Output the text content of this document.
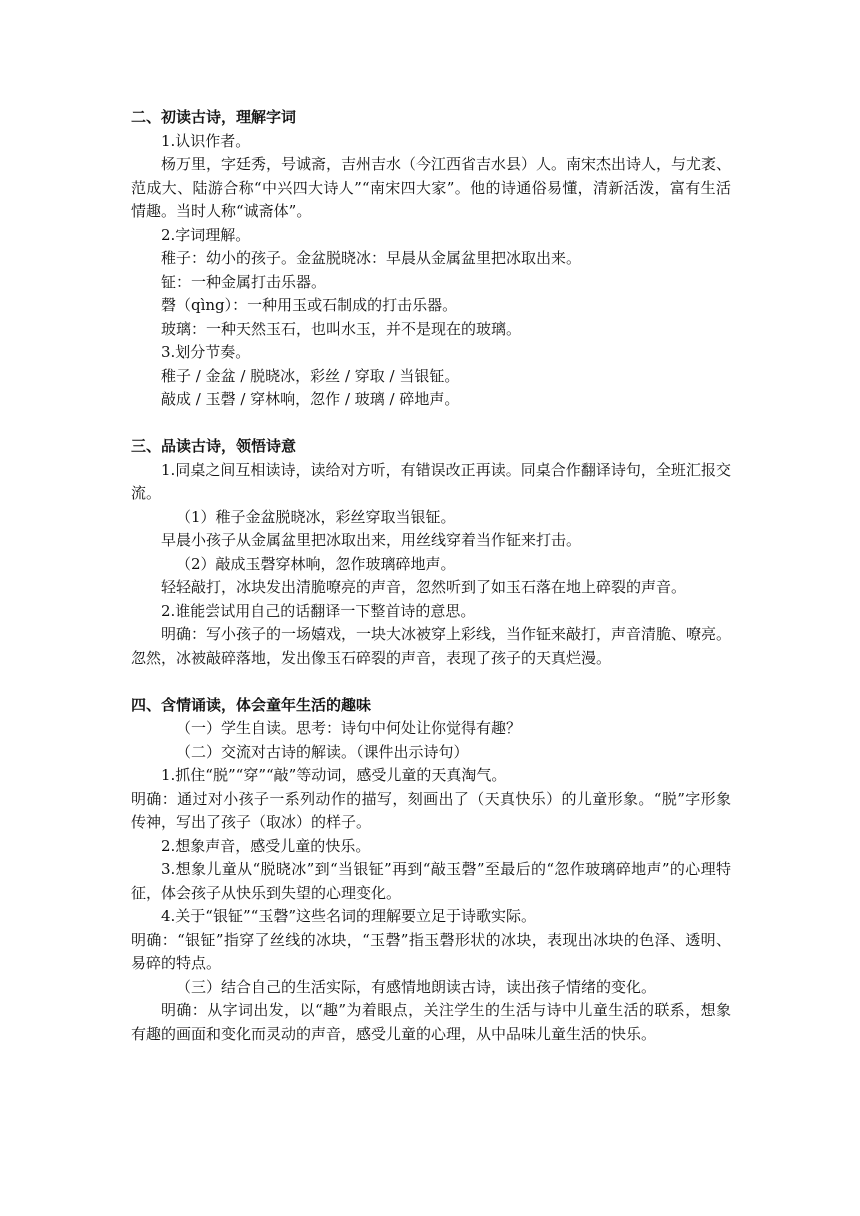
二、初读古诗，理解字词

1.认识作者。

杨万里，字廷秀，号诚斋，吉州吉水（今江西省吉水县）人。南宋杰出诗人，与尤袤、范成大、陆游合称“中兴四大诗人”“南宋四大家”。他的诗通俗易懂，清新活泼，富有生活情趣。当时人称“诚斋体”。

2.字词理解。

稚子：幼小的孩子。金盆脱晓冰：早晨从金属盆里把冰取出来。

钲：一种金属打击乐器。

磬（qìng）：一种用玉或石制成的打击乐器。

玻璃：一种天然玉石，也叫水玉，并不是现在的玻璃。

3.划分节奏。

稚子 / 金盆 / 脱晓冰，彩丝 / 穿取 / 当银钲。

敲成 / 玉磬 / 穿林响，忽作 / 玻璃 / 碎地声。

三、品读古诗，领悟诗意

1.同桌之间互相读诗，读给对方听，有错误改正再读。同桌合作翻译诗句，全班汇报交流。

（1）稚子金盆脱晓冰，彩丝穿取当银钲。

早晨小孩子从金属盆里把冰取出来，用丝线穿着当作钲来打击。

（2）敲成玉磬穿林响，忽作玻璃碎地声。

轻轻敲打，冰块发出清脆嘹亮的声音，忽然听到了如玉石落在地上碎裂的声音。

2.谁能尝试用自己的话翻译一下整首诗的意思。

明确：写小孩子的一场嬉戏，一块大冰被穿上彩线，当作钲来敲打，声音清脆、嘹亮。忽然，冰被敲碎落地，发出像玉石碎裂的声音，表现了孩子的天真烂漫。

四、含情诵读，体会童年生活的趣味

（一）学生自读。思考：诗句中何处让你觉得有趣？

（二）交流对古诗的解读。（课件出示诗句）

1.抓住“脱”“穿”“敲”等动词，感受儿童的天真淘气。

明确：通过对小孩子一系列动作的描写，刻画出了（天真快乐）的儿童形象。“脱”字形象传神，写出了孩子（取冰）的样子。

2.想象声音，感受儿童的快乐。

3.想象儿童从“脱晓冰”到“当银钲”再到“敲玉磬”至最后的“忽作玻璃碎地声”的心理特征，体会孩子从快乐到失望的心理变化。

4.关于“银钲”“玉磬”这些名词的理解要立足于诗歌实际。

明确：“银钲”指穿了丝线的冰块，“玉磬”指玉磬形状的冰块，表现出冰块的色泽、透明、易碎的特点。

（三）结合自己的生活实际，有感情地朗读古诗，读出孩子情绪的变化。

明确：从字词出发，以“趣”为着眼点，关注学生的生活与诗中儿童生活的联系，想象有趣的画面和变化而灵动的声音，感受儿童的心理，从中品味儿童生活的快乐。
